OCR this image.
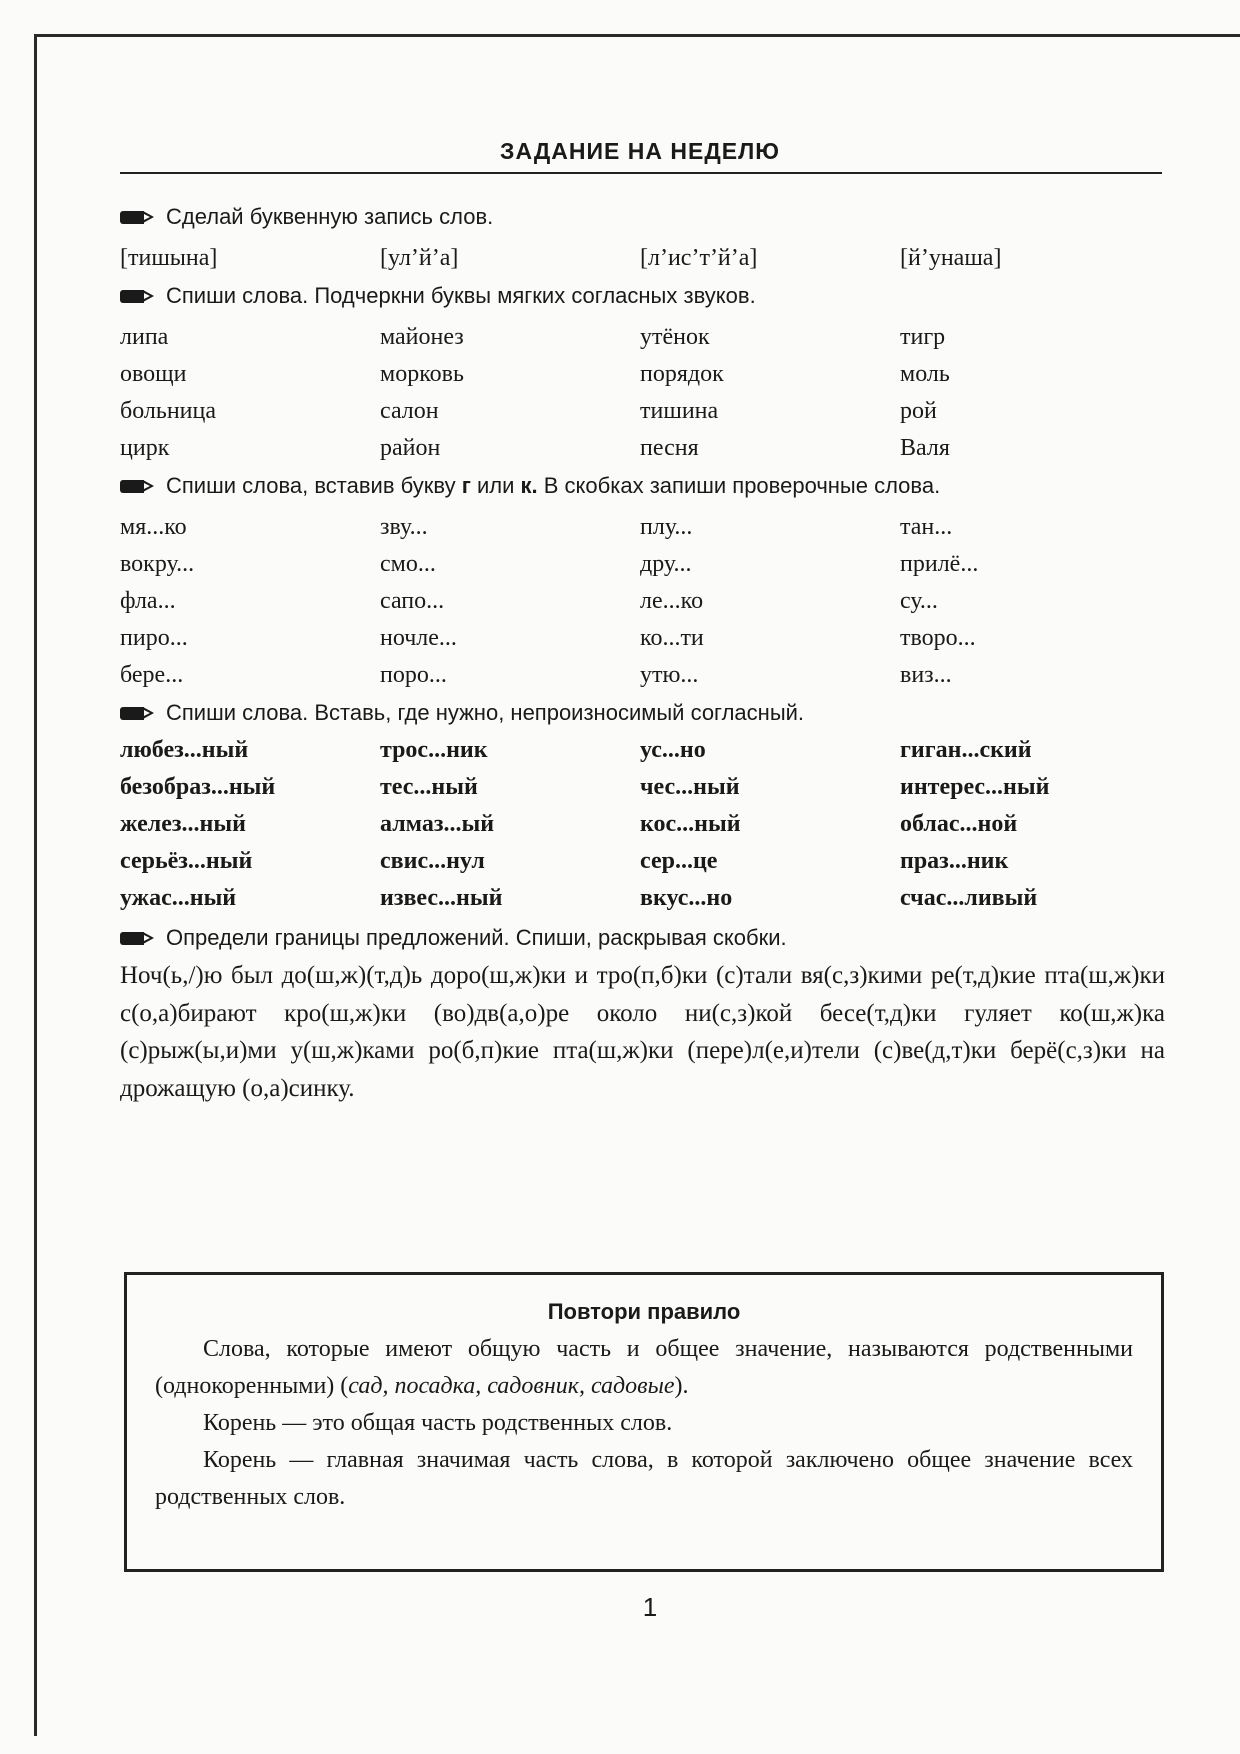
ЗАДАНИЕ НА НЕДЕЛЮ
Сделай буквенную запись слов.
[тишына]	[ул’й’а]	[л’ис’т’й’а]	[й’унаша]
Спиши слова. Подчеркни буквы мягких согласных звуков.
липа	майонез	утёнок	тигр
овощи	морковь	порядок	моль
больница	салон	тишина	рой
цирк	район	песня	Валя
Спиши слова, вставив букву г или к. В скобках запиши проверочные слова.
мя...ко	зву...	плу...	тан...
вокру...	смо...	дру...	прилё...
фла...	сапо...	ле...ко	су...
пиро...	ночле...	ко...ти	творо...
бере...	поро...	утю...	виз...
Спиши слова. Вставь, где нужно, непроизносимый согласный.
любез...ный	трос...ник	ус...но	гиган...ский
безобраз...ный	тес...ный	чес...ный	интерес...ный
желез...ный	алмаз...ый	кос...ный	облас...ной
серьёз...ный	свис...нул	сер...це	праз...ник
ужас...ный	извес...ный	вкус...но	счас...ливый
Определи границы предложений. Спиши, раскрывая скобки.
Ноч(ь,/)ю был до(ш,ж)(т,д)ь доро(ш,ж)ки и тро(п,б)ки (с)тали вя(с,з)кими ре(т,д)кие пта(ш,ж)ки с(о,а)бирают кро(ш,ж)ки (во)дв(а,о)ре около ни(с,з)кой бесе(т,д)ки гуляет ко(ш,ж)ка (с)рыж(ы,и)ми у(ш,ж)ками ро(б,п)кие пта(ш,ж)ки (пере)л(е,и)тели (с)ве(д,т)ки берё(с,з)ки на дрожащую (о,а)синку.
Повтори правило

Слова, которые имеют общую часть и общее значение, называются родственными (однокоренными) (сад, посадка, садовник, садовые).

Корень — это общая часть родственных слов.

Корень — главная значимая часть слова, в которой заключено общее значение всех родственных слов.

1
